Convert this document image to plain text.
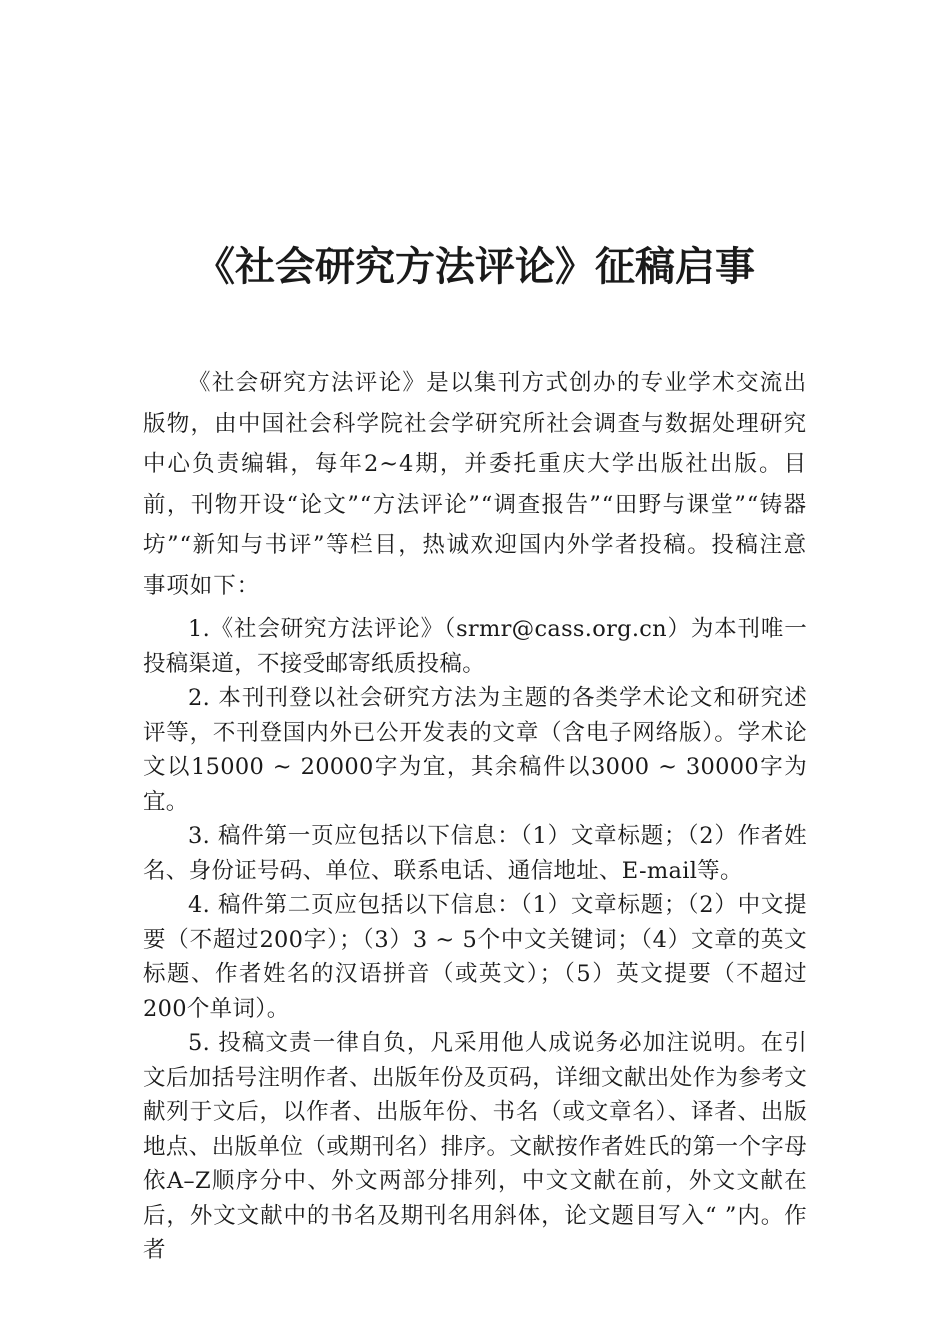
《社会研究方法评论》征稿启事

《社会研究方法评论》是以集刊方式创办的专业学术交流出版物，由中国社会科学院社会学研究所社会调查与数据处理研究中心负责编辑，每年2~4期，并委托重庆大学出版社出版。目前，刊物开设“论文”“方法评论”“调查报告”“田野与课堂”“铸器坊”“新知与书评”等栏目，热诚欢迎国内外学者投稿。投稿注意事项如下：

1.《社会研究方法评论》（srmr@cass.org.cn）为本刊唯一投稿渠道，不接受邮寄纸质投稿。

2. 本刊刊登以社会研究方法为主题的各类学术论文和研究述评等，不刊登国内外已公开发表的文章（含电子网络版）。学术论文以15000 ~ 20000字为宜，其余稿件以3000 ~ 30000字为宜。

3. 稿件第一页应包括以下信息：（1）文章标题；（2）作者姓名、身份证号码、单位、联系电话、通信地址、E-mail等。

4. 稿件第二页应包括以下信息：（1）文章标题；（2）中文提要（不超过200字）；（3）3 ~ 5个中文关键词；（4）文章的英文标题、作者姓名的汉语拼音（或英文）；（5）英文提要（不超过200个单词）。

5. 投稿文责一律自负，凡采用他人成说务必加注说明。在引文后加括号注明作者、出版年份及页码，详细文献出处作为参考文献列于文后，以作者、出版年份、书名（或文章名）、译者、出版地点、出版单位（或期刊名）排序。文献按作者姓氏的第一个字母依A–Z顺序分中、外文两部分排列，中文文献在前，外文文献在后，外文文献中的书名及期刊名用斜体，论文题目写入“ ”内。作者
